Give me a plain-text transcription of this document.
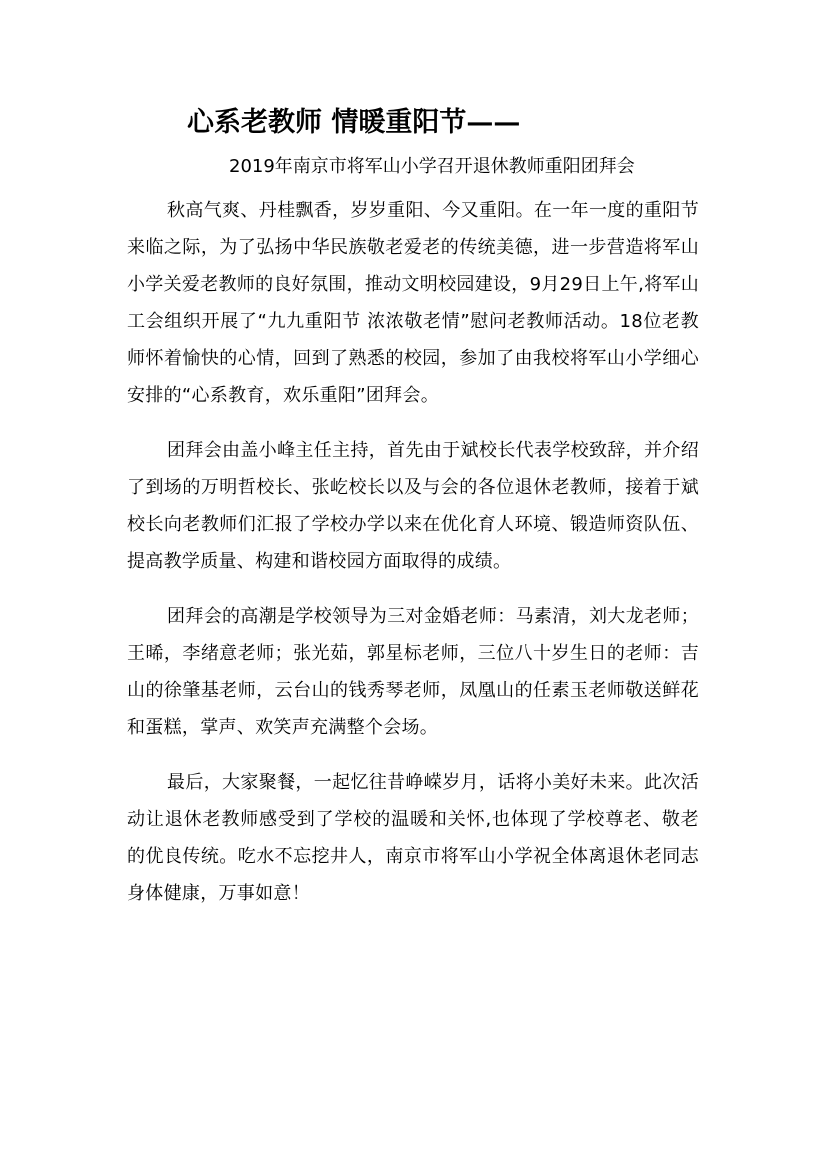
心系老教师 情暖重阳节——

2019年南京市将军山小学召开退休教师重阳团拜会

秋高气爽、丹桂飘香，岁岁重阳、今又重阳。在一年一度的重阳节来临之际，为了弘扬中华民族敬老爱老的传统美德，进一步营造将军山小学关爱老教师的良好氛围，推动文明校园建设，9月29日上午,将军山工会组织开展了“九九重阳节 浓浓敬老情”慰问老教师活动。18位老教师怀着愉快的心情，回到了熟悉的校园，参加了由我校将军山小学细心安排的“心系教育，欢乐重阳”团拜会。

团拜会由盖小峰主任主持，首先由于斌校长代表学校致辞，并介绍了到场的万明哲校长、张屹校长以及与会的各位退休老教师，接着于斌校长向老教师们汇报了学校办学以来在优化育人环境、锻造师资队伍、提高教学质量、构建和谐校园方面取得的成绩。

团拜会的高潮是学校领导为三对金婚老师：马素清，刘大龙老师；王晞，李绪意老师；张光茹，郭星标老师，三位八十岁生日的老师：吉山的徐肇基老师，云台山的钱秀琴老师，凤凰山的任素玉老师敬送鲜花和蛋糕，掌声、欢笑声充满整个会场。

最后，大家聚餐，一起忆往昔峥嵘岁月，话将小美好未来。此次活动让退休老教师感受到了学校的温暖和关怀,也体现了学校尊老、敬老的优良传统。吃水不忘挖井人，南京市将军山小学祝全体离退休老同志身体健康，万事如意！
